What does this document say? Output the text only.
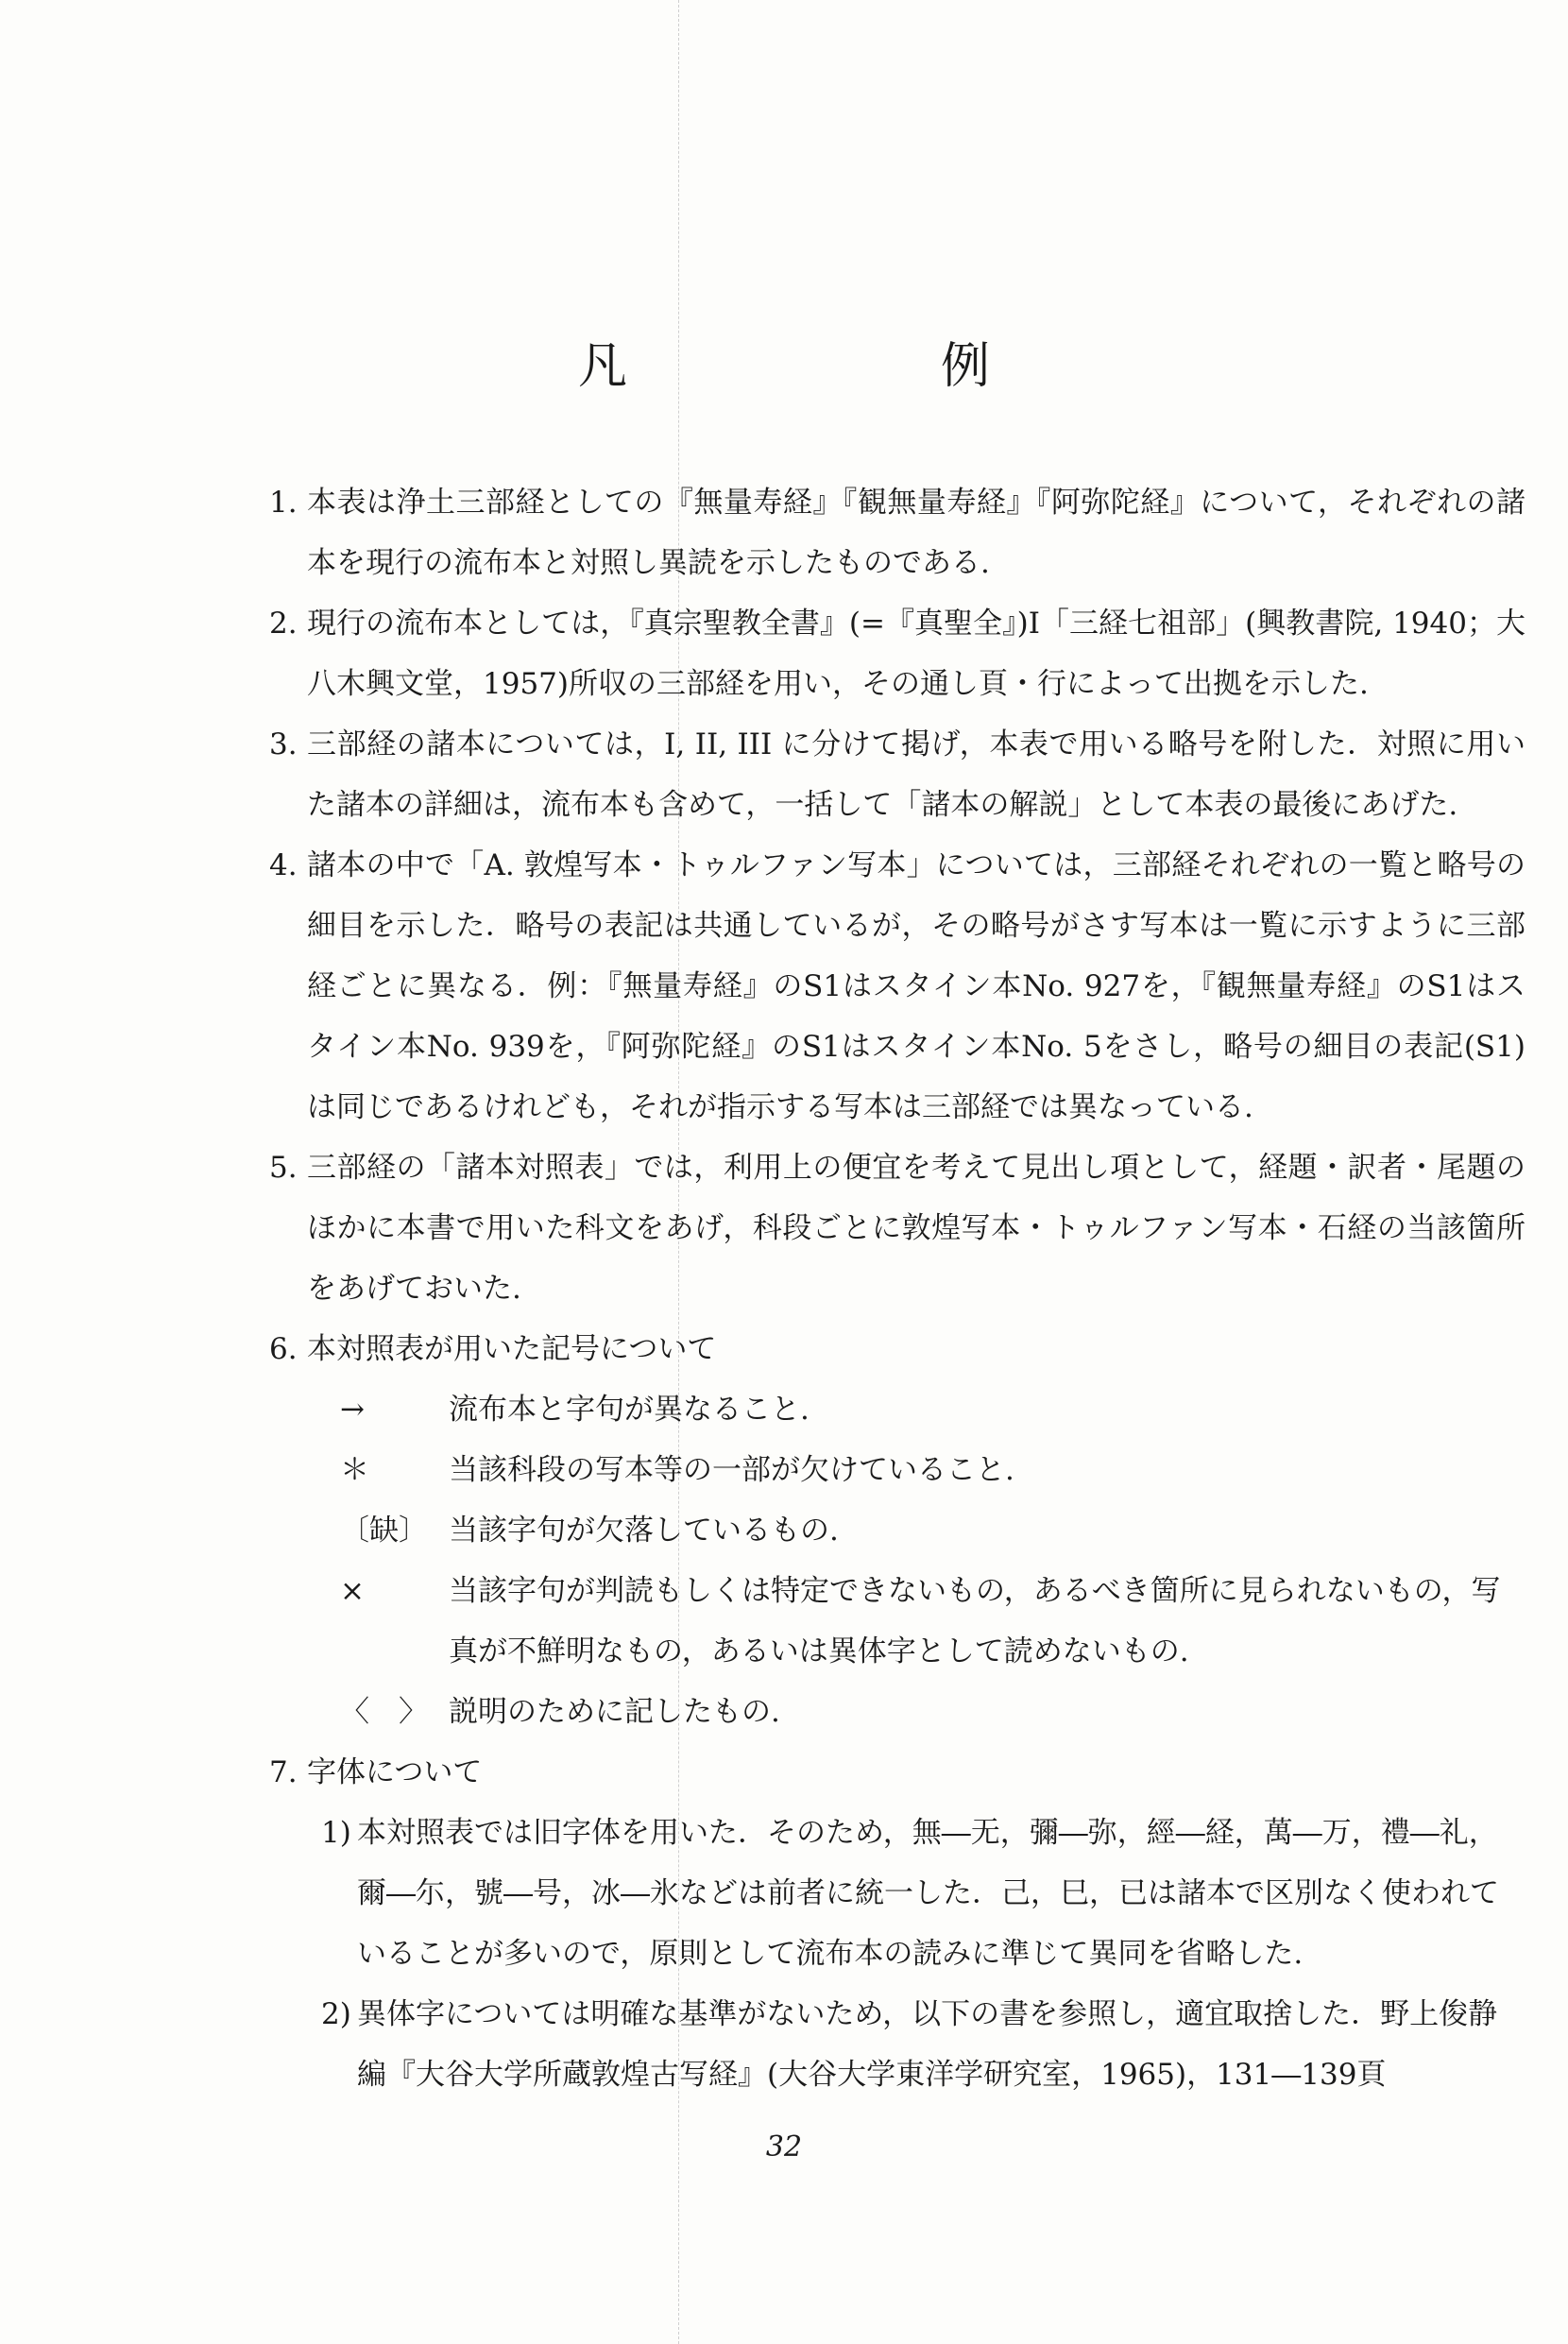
凡　例
1. 本表は浄土三部経としての『無量寿経』『観無量寿経』『阿弥陀経』について，それぞれの諸本を現行の流布本と対照し異読を示したものである.
2. 現行の流布本としては，『真宗聖教全書』(=『真聖全』)Ⅰ「三経七祖部」(興教書院, 1940；大八木興文堂，1957)所収の三部経を用い，その通し頁・行によって出拠を示した.
3. 三部経の諸本については，I, II, III に分けて掲げ，本表で用いる略号を附した．対照に用いた諸本の詳細は，流布本も含めて，一括して「諸本の解説」として本表の最後にあげた.
4. 諸本の中で「A. 敦煌写本・トゥルファン写本」については，三部経それぞれの一覧と略号の細目を示した．略号の表記は共通しているが，その略号がさす写本は一覧に示すように三部経ごとに異なる．例：『無量寿経』のS1はスタイン本No. 927を，『観無量寿経』のS1はスタイン本No. 939を，『阿弥陀経』のS1はスタイン本No. 5をさし，略号の細目の表記(S1)は同じであるけれども，それが指示する写本は三部経では異なっている.
5. 三部経の「諸本対照表」では，利用上の便宜を考えて見出し項として，経題・訳者・尾題のほかに本書で用いた科文をあげ，科段ごとに敦煌写本・トゥルファン写本・石経の当該箇所をあげておいた.
6. 本対照表が用いた記号について
→	流布本と字句が異なること.
＊	当該科段の写本等の一部が欠けていること.
〔缺〕 当該字句が欠落しているもの.
×	当該字句が判読もしくは特定できないもの，あるべき箇所に見られないもの，写真が不鮮明なもの，あるいは異体字として読めないもの.
〈　〉 説明のために記したもの.
7. 字体について
1) 本対照表では旧字体を用いた．そのため，無―无，彌―弥，經―経，萬―万，禮―礼，爾―尓，號―号，冰―氷などは前者に統一した．己，巳，已は諸本で区別なく使われていることが多いので，原則として流布本の読みに準じて異同を省略した.
2) 異体字については明確な基準がないため，以下の書を参照し，適宜取捨した．野上俊静編『大谷大学所蔵敦煌古写経』(大谷大学東洋学研究室，1965)，131―139頁
32
